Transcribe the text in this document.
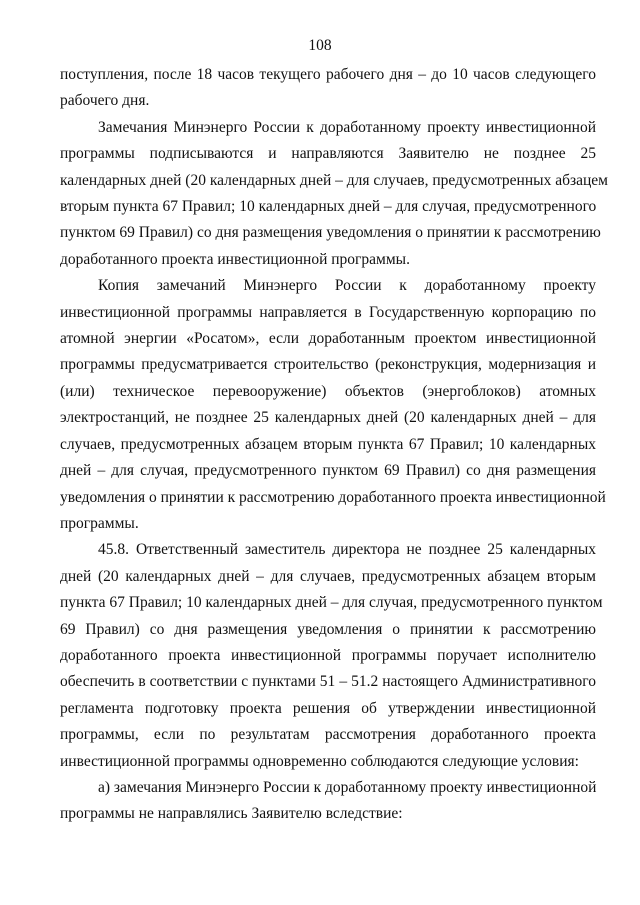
108
поступления, после 18 часов текущего рабочего дня – до 10 часов следующего
рабочего дня.
Замечания Минэнерго России к доработанному проекту инвестиционной
программы подписываются и направляются Заявителю не позднее 25
календарных дней (20 календарных дней – для случаев, предусмотренных абзацем
вторым пункта 67 Правил; 10 календарных дней – для случая, предусмотренного
пунктом 69 Правил) со дня размещения уведомления о принятии к рассмотрению
доработанного проекта инвестиционной программы.
Копия замечаний Минэнерго России к доработанному проекту
инвестиционной программы направляется в Государственную корпорацию по
атомной энергии «Росатом», если доработанным проектом инвестиционной
программы предусматривается строительство (реконструкция, модернизация и
(или) техническое перевооружение) объектов (энергоблоков) атомных
электростанций, не позднее 25 календарных дней (20 календарных дней – для
случаев, предусмотренных абзацем вторым пункта 67 Правил; 10 календарных
дней – для случая, предусмотренного пунктом 69 Правил) со дня размещения
уведомления о принятии к рассмотрению доработанного проекта инвестиционной
программы.
45.8. Ответственный заместитель директора не позднее 25 календарных
дней (20 календарных дней – для случаев, предусмотренных абзацем вторым
пункта 67 Правил; 10 календарных дней – для случая, предусмотренного пунктом
69 Правил) со дня размещения уведомления о принятии к рассмотрению
доработанного проекта инвестиционной программы поручает исполнителю
обеспечить в соответствии с пунктами 51 – 51.2 настоящего Административного
регламента подготовку проекта решения об утверждении инвестиционной
программы, если по результатам рассмотрения доработанного проекта
инвестиционной программы одновременно соблюдаются следующие условия:
а) замечания Минэнерго России к доработанному проекту инвестиционной
программы не направлялись Заявителю вследствие:
